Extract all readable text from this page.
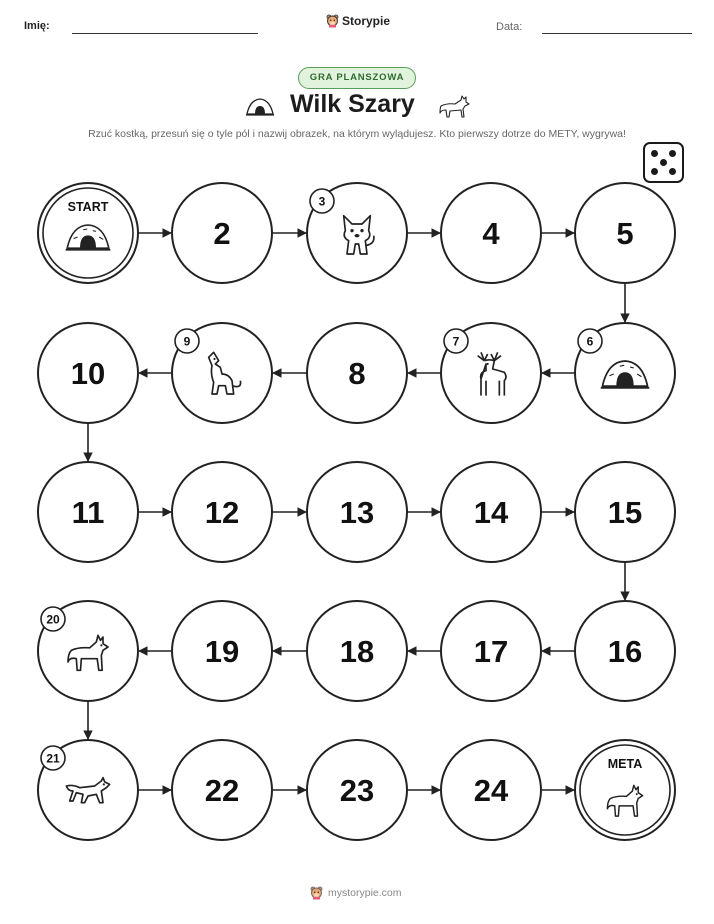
Imię:	Storypie	Data:
GRA PLANSZOWA
Wilk Szary
Rzuć kostką, przesuń się o tyle pól i nazwij obrazek, na którym wylądujesz. Kto pierwszy dotrze do METY, wygrywa!
START
2
3
4	5
6
7
8
9
10
11	12	13	14	15
16
17
18
19
20
21
22	23	24
META
mystorypie.com
